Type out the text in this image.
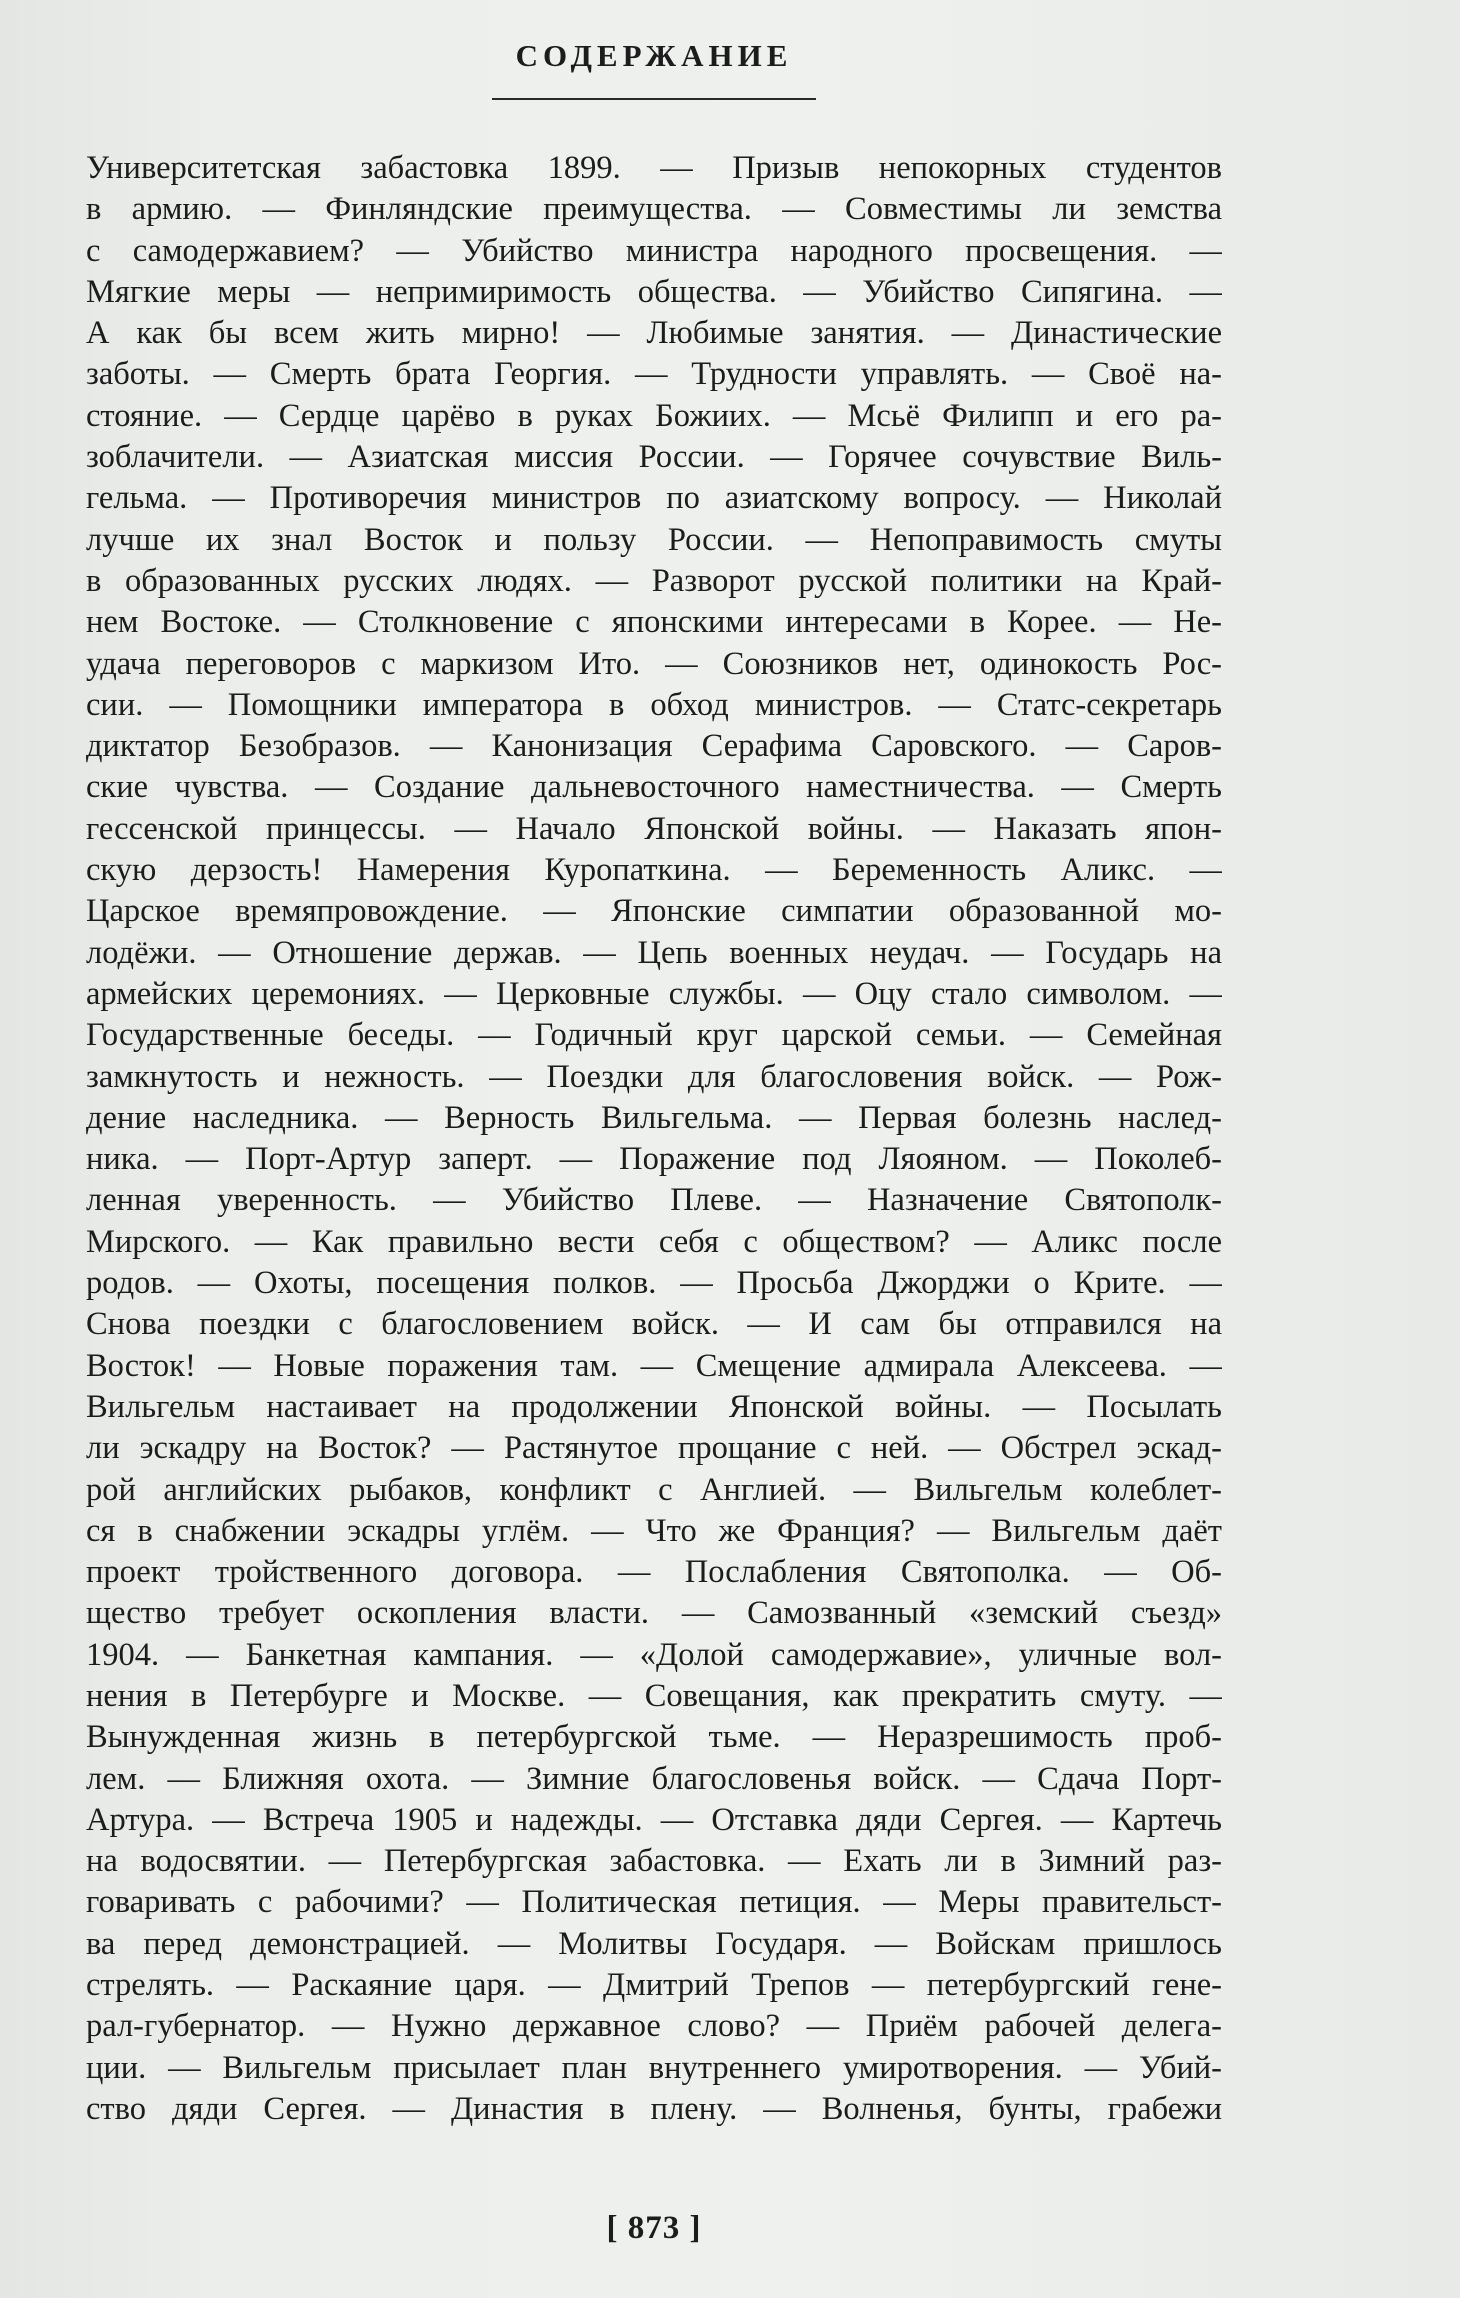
СОДЕРЖАНИЕ
Университетская забастовка 1899. — Призыв непокорных студентов
в армию. — Финляндские преимущества. — Совместимы ли земства
с самодержавием? — Убийство министра народного просвещения. —
Мягкие меры — непримиримость общества. — Убийство Сипягина. —
А как бы всем жить мирно! — Любимые занятия. — Династические
заботы. — Смерть брата Георгия. — Трудности управлять. — Своё на-
стояние. — Сердце царёво в руках Божиих. — Мсьё Филипп и его ра-
зоблачители. — Азиатская миссия России. — Горячее сочувствие Виль-
гельма. — Противоречия министров по азиатскому вопросу. — Николай
лучше их знал Восток и пользу России. — Непоправимость смуты
в образованных русских людях. — Разворот русской политики на Край-
нем Востоке. — Столкновение с японскими интересами в Корее. — Не-
удача переговоров с маркизом Ито. — Союзников нет, одинокость Рос-
сии. — Помощники императора в обход министров. — Статс-секретарь
диктатор Безобразов. — Канонизация Серафима Саровского. — Саров-
ские чувства. — Создание дальневосточного наместничества. — Смерть
гессенской принцессы. — Начало Японской войны. — Наказать япон-
скую дерзость! Намерения Куропаткина. — Беременность Аликс. —
Царское времяпровождение. — Японские симпатии образованной мо-
лодёжи. — Отношение держав. — Цепь военных неудач. — Государь на
армейских церемониях. — Церковные службы. — Оцу стало символом. —
Государственные беседы. — Годичный круг царской семьи. — Семейная
замкнутость и нежность. — Поездки для благословения войск. — Рож-
дение наследника. — Верность Вильгельма. — Первая болезнь наслед-
ника. — Порт-Артур заперт. — Поражение под Ляояном. — Поколеб-
ленная уверенность. — Убийство Плеве. — Назначение Святополк-
Мирского. — Как правильно вести себя с обществом? — Аликс после
родов. — Охоты, посещения полков. — Просьба Джорджи о Крите. —
Снова поездки с благословением войск. — И сам бы отправился на
Восток! — Новые поражения там. — Смещение адмирала Алексеева. —
Вильгельм настаивает на продолжении Японской войны. — Посылать
ли эскадру на Восток? — Растянутое прощание с ней. — Обстрел эскад-
рой английских рыбаков, конфликт с Англией. — Вильгельм колеблет-
ся в снабжении эскадры углём. — Что же Франция? — Вильгельм даёт
проект тройственного договора. — Послабления Святополка. — Об-
щество требует оскопления власти. — Самозванный «земский съезд»
1904. — Банкетная кампания. — «Долой самодержавие», уличные вол-
нения в Петербурге и Москве. — Совещания, как прекратить смуту. —
Вынужденная жизнь в петербургской тьме. — Неразрешимость проб-
лем. — Ближняя охота. — Зимние благословенья войск. — Сдача Порт-
Артура. — Встреча 1905 и надежды. — Отставка дяди Сергея. — Картечь
на водосвятии. — Петербургская забастовка. — Ехать ли в Зимний раз-
говаривать с рабочими? — Политическая петиция. — Меры правительст-
ва перед демонстрацией. — Молитвы Государя. — Войскам пришлось
стрелять. — Раскаяние царя. — Дмитрий Трепов — петербургский гене-
рал-губернатор. — Нужно державное слово? — Приём рабочей делега-
ции. — Вильгельм присылает план внутреннего умиротворения. — Убий-
ство дяди Сергея. — Династия в плену. — Волненья, бунты, грабежи
[ 873 ]
